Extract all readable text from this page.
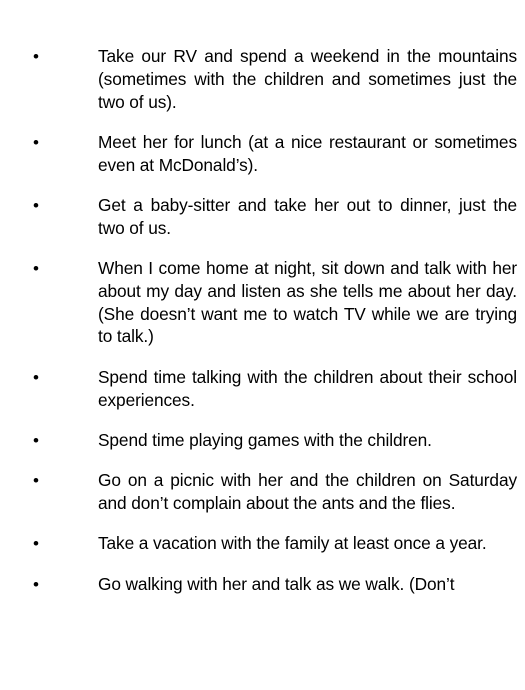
•	Take our RV and spend a weekend in the mountains (sometimes with the children and sometimes just the two of us).
•	Meet her for lunch (at a nice restaurant or sometimes even at McDonald’s).
•	Get a baby-sitter and take her out to dinner, just the two of us.
•	When I come home at night, sit down and talk with her about my day and listen as she tells me about her day. (She doesn’t want me to watch TV while we are trying to talk.)
•	Spend time talking with the children about their school experiences.
•	Spend time playing games with the children.
•	Go on a picnic with her and the children on Saturday and don’t complain about the ants and the flies.
•	Take a vacation with the family at least once a year.
•	Go walking with her and talk as we walk. (Don’t
